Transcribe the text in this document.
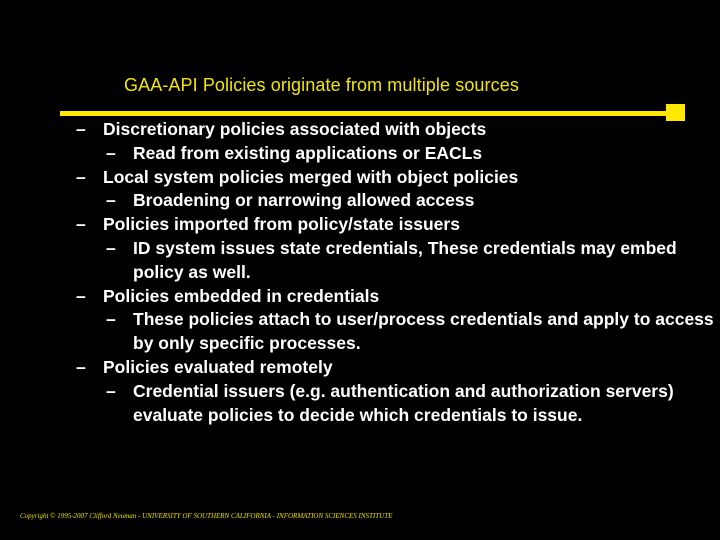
GAA-API Policies originate from multiple sources
– Discretionary policies associated with objects
– Read from existing applications or EACLs
– Local system policies merged with object policies
– Broadening or narrowing allowed access
– Policies imported from policy/state issuers
– ID system issues state credentials, These credentials may embed policy as well.
– Policies embedded in credentials
– These policies attach to user/process credentials and apply to access by only specific processes.
– Policies evaluated remotely
– Credential issuers (e.g. authentication and authorization servers) evaluate policies to decide which credentials to issue.
Copyright © 1995-2007 Clifford Neuman - UNIVERSITY OF SOUTHERN CALIFORNIA - INFORMATION SCIENCES INSTITUTE
